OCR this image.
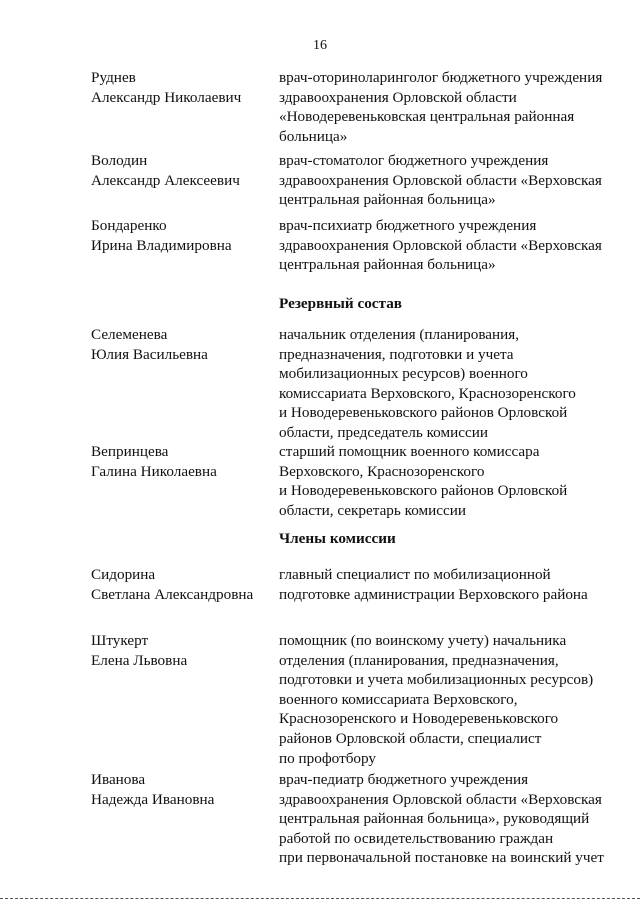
16
Руднев
Александр Николаевич
врач-оториноларинголог бюджетного учреждения
здравоохранения Орловской области
«Новодеревеньковская центральная районная
больница»
Володин
Александр Алексеевич
врач-стоматолог бюджетного учреждения
здравоохранения Орловской области «Верховская
центральная районная больница»
Бондаренко
Ирина Владимировна
врач-психиатр бюджетного учреждения
здравоохранения Орловской области «Верховская
центральная районная больница»
Резервный состав
Селеменева
Юлия Васильевна
начальник отделения (планирования,
предназначения, подготовки и учета
мобилизационных ресурсов) военного
комиссариата Верховского, Краснозоренского
и Новодеревеньковского районов Орловской
области, председатель комиссии
Вепринцева
Галина Николаевна
старший помощник военного комиссара
Верховского, Краснозоренского
и Новодеревеньковского районов Орловской
области, секретарь комиссии
Члены комиссии
Сидорина
Светлана Александровна
главный специалист по мобилизационной
подготовке администрации Верховского района
Штукерт
Елена Львовна
помощник (по воинскому учету) начальника
отделения (планирования, предназначения,
подготовки и учета мобилизационных ресурсов)
военного комиссариата Верховского,
Краснозоренского и Новодеревеньковского
районов Орловской области, специалист
по профотбору
Иванова
Надежда Ивановна
врач-педиатр бюджетного учреждения
здравоохранения Орловской области «Верховская
центральная районная больница», руководящий
работой по освидетельствованию граждан
при первоначальной постановке на воинский учет
